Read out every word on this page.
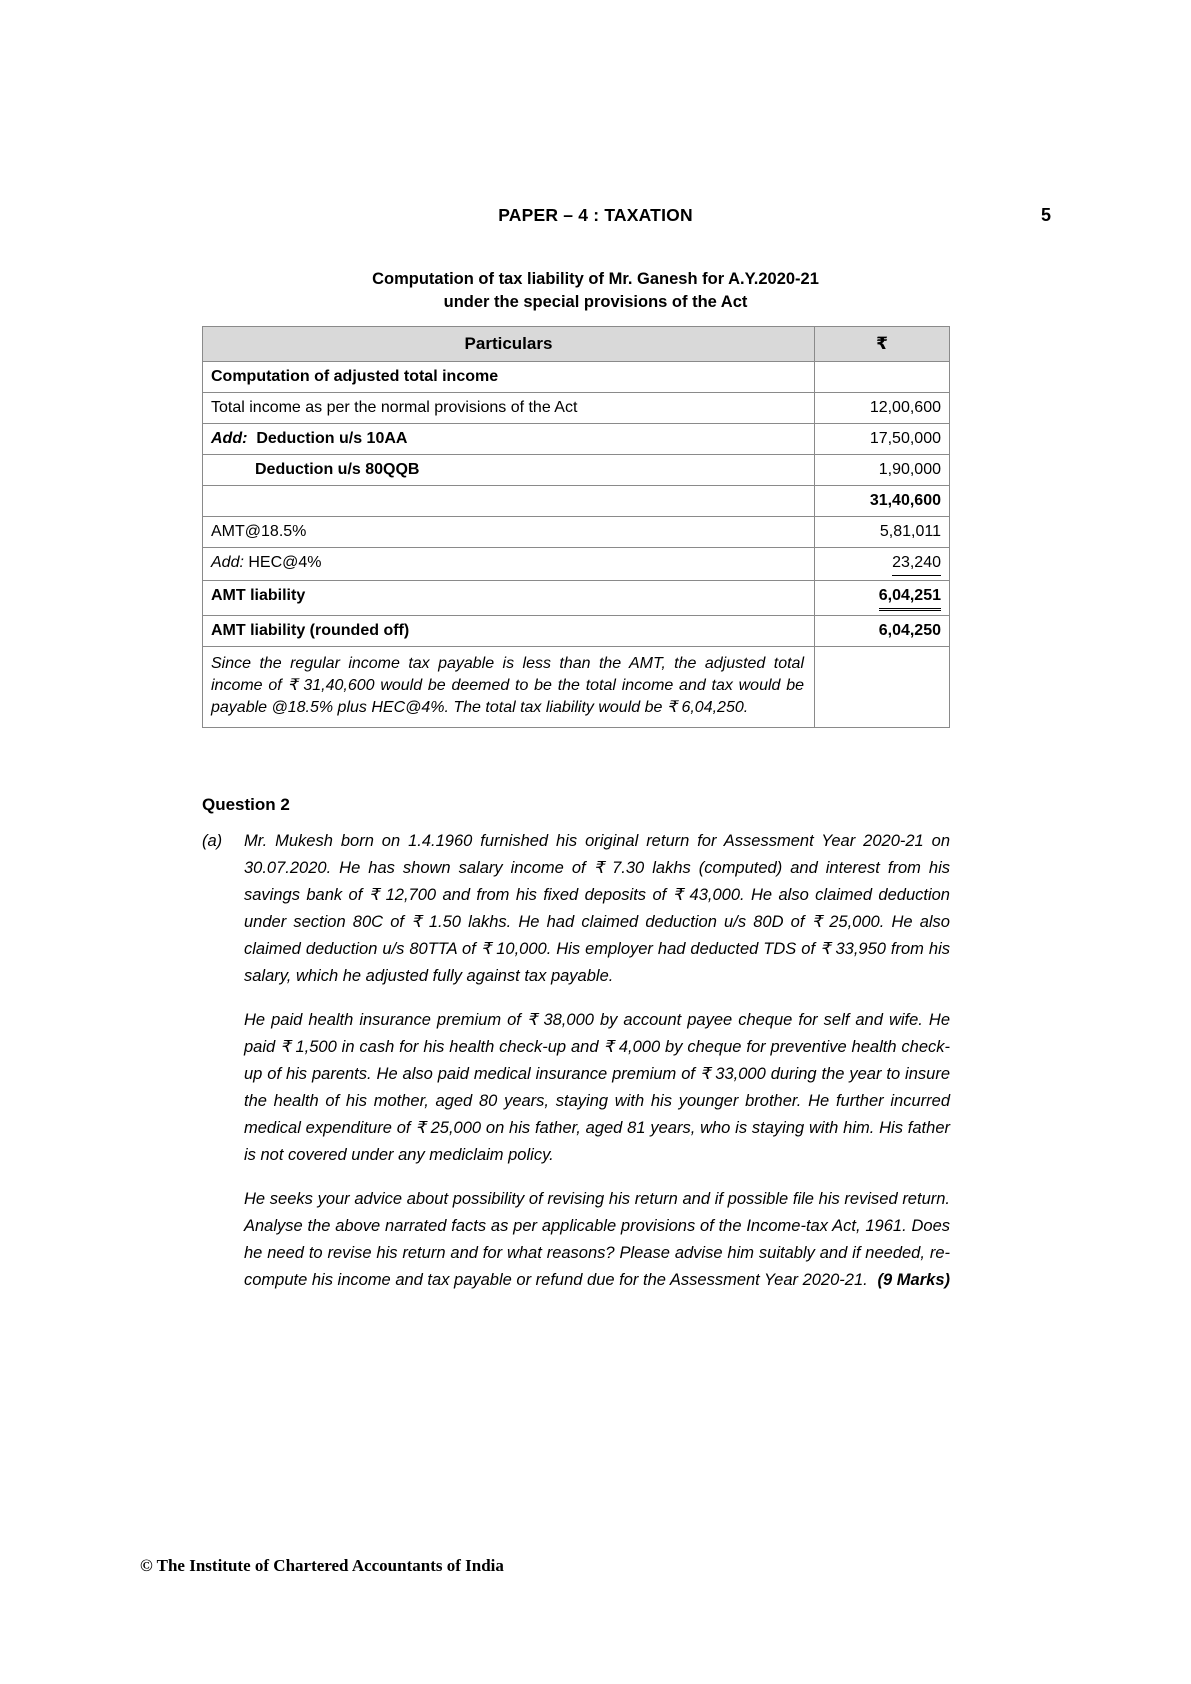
PAPER – 4 : TAXATION	5
Computation of tax liability of Mr. Ganesh for A.Y.2020-21
under the special provisions of the Act
Particulars	₹
Computation of adjusted total income	
Total income as per the normal provisions of the Act	12,00,600
Add: Deduction u/s 10AA	17,50,000
Deduction u/s 80QQB	1,90,000
	31,40,600
AMT@18.5%	5,81,011
Add: HEC@4%	23,240
AMT liability	6,04,251
AMT liability (rounded off)	6,04,250
Since the regular income tax payable is less than the AMT, the adjusted total income of ₹ 31,40,600 would be deemed to be the total income and tax would be payable @18.5% plus HEC@4%. The total tax liability would be ₹ 6,04,250.	
Question 2
(a)	Mr. Mukesh born on 1.4.1960 furnished his original return for Assessment Year 2020-21 on 30.07.2020. He has shown salary income of ₹ 7.30 lakhs (computed) and interest from his savings bank of ₹ 12,700 and from his fixed deposits of ₹ 43,000. He also claimed deduction under section 80C of ₹ 1.50 lakhs. He had claimed deduction u/s 80D of ₹ 25,000. He also claimed deduction u/s 80TTA of ₹ 10,000. His employer had deducted TDS of ₹ 33,950 from his salary, which he adjusted fully against tax payable.

He paid health insurance premium of ₹ 38,000 by account payee cheque for self and wife. He paid ₹ 1,500 in cash for his health check-up and ₹ 4,000 by cheque for preventive health check-up of his parents. He also paid medical insurance premium of ₹ 33,000 during the year to insure the health of his mother, aged 80 years, staying with his younger brother. He further incurred medical expenditure of ₹ 25,000 on his father, aged 81 years, who is staying with him. His father is not covered under any mediclaim policy.

He seeks your advice about possibility of revising his return and if possible file his revised return. Analyse the above narrated facts as per applicable provisions of the Income-tax Act, 1961. Does he need to revise his return and for what reasons? Please advise him suitably and if needed, re-compute his income and tax payable or refund due for the Assessment Year 2020-21. (9 Marks)

© The Institute of Chartered Accountants of India
